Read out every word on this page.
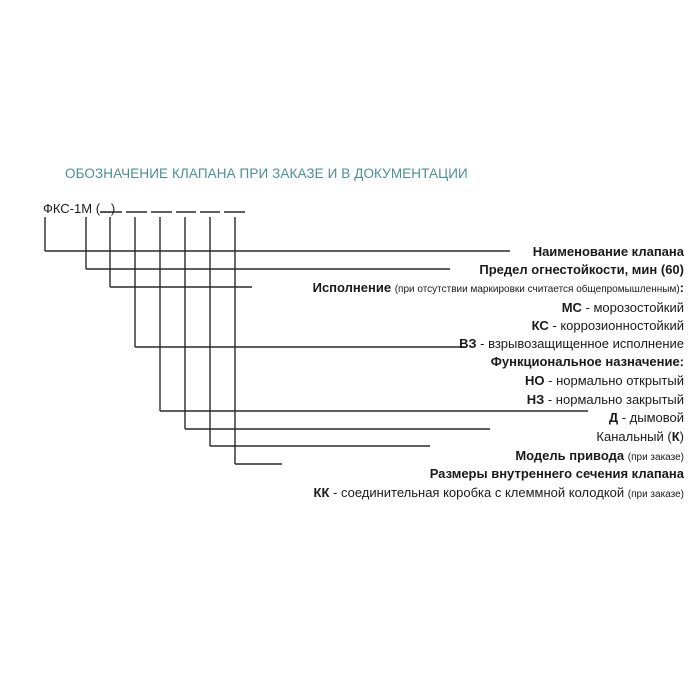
ОБОЗНАЧЕНИЕ КЛАПАНА ПРИ ЗАКАЗЕ И В ДОКУМЕНТАЦИИ
ФКС-1М (...)
Наименование клапана
Предел огнестойкости, мин (60)
Исполнение (при отсутствии маркировки считается общепромышленным):
МС - морозостойкий
КС - коррозионностойкий
ВЗ - взрывозащищенное исполнение
Функциональное назначение:
НО - нормально открытый
НЗ - нормально закрытый
Д - дымовой
Канальный (К)
Модель привода (при заказе)
Размеры внутреннего сечения клапана
КК - соединительная коробка с клеммной колодкой (при заказе)
